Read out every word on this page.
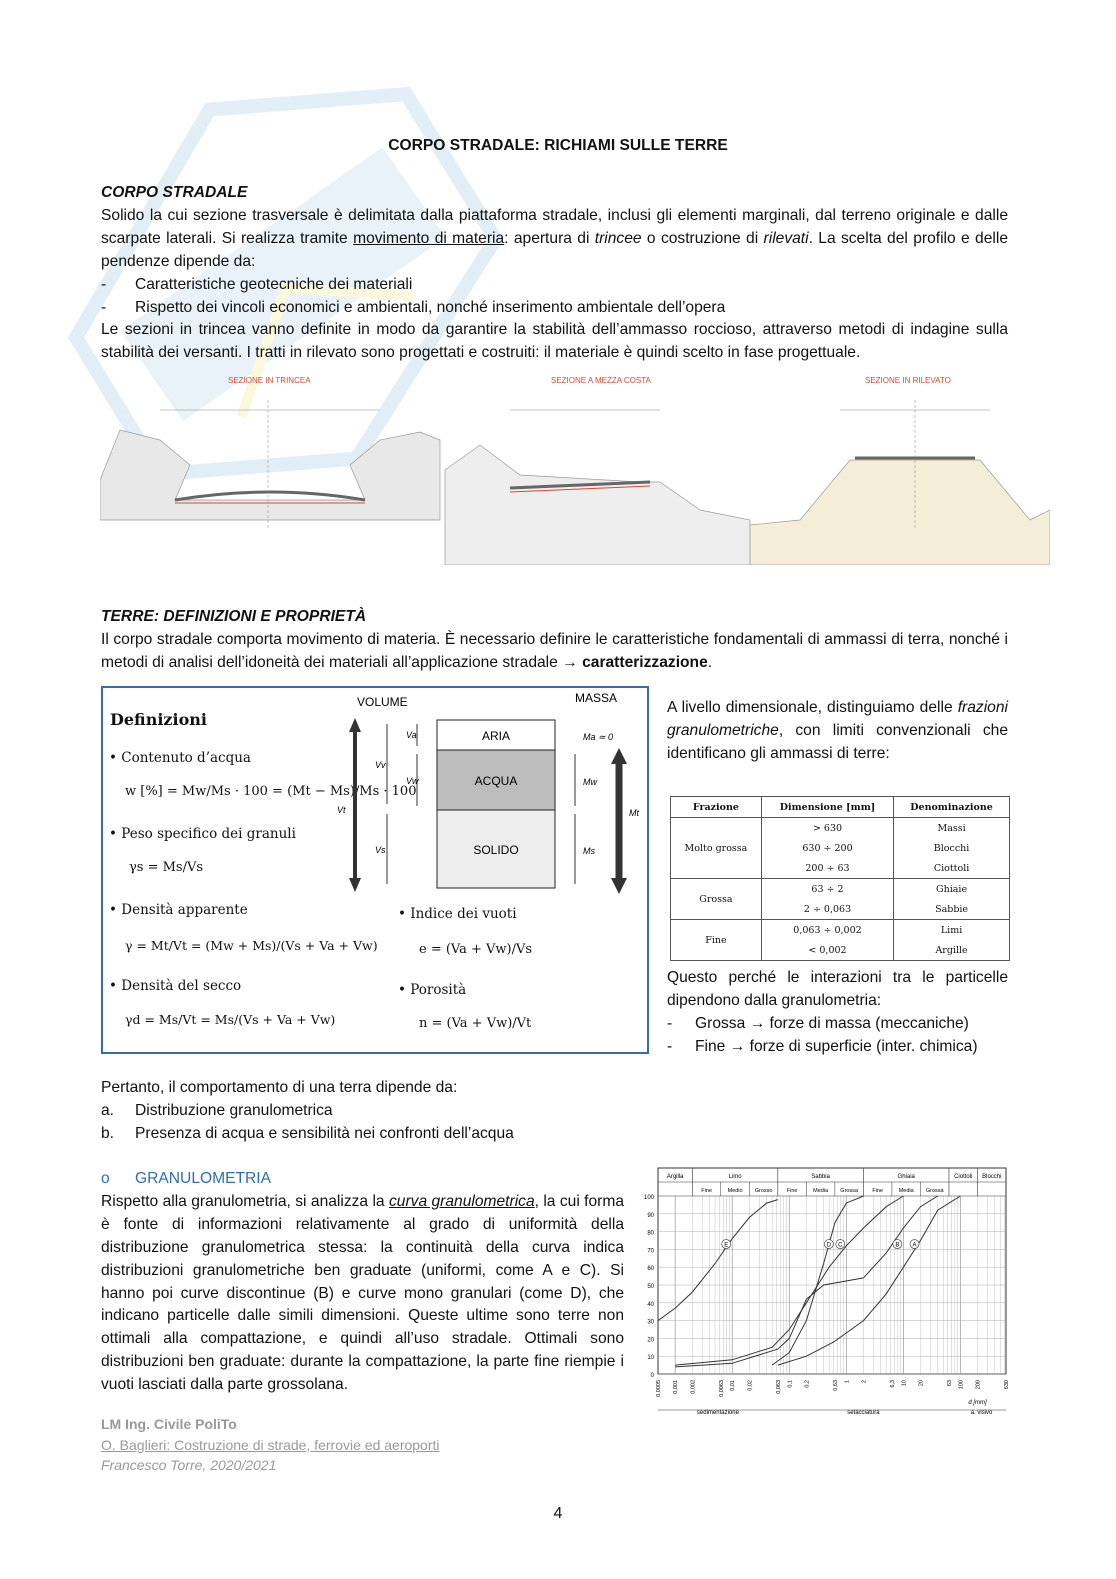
CORPO STRADALE: RICHIAMI SULLE TERRE
CORPO STRADALE
Solido la cui sezione trasversale è delimitata dalla piattaforma stradale, inclusi gli elementi marginali, dal terreno originale e dalle scarpate laterali. Si realizza tramite movimento di materia: apertura di trincee o costruzione di rilevati. La scelta del profilo e delle pendenze dipende da:
-	Caratteristiche geotecniche dei materiali
-	Rispetto dei vincoli economici e ambientali, nonché inserimento ambientale dell’opera
Le sezioni in trincea vanno definite in modo da garantire la stabilità dell’ammasso roccioso, attraverso metodi di indagine sulla stabilità dei versanti. I tratti in rilevato sono progettati e costruiti: il materiale è quindi scelto in fase progettuale.
SEZIONE IN TRINCEA	SEZIONE A MEZZA COSTA	SEZIONE IN RILEVATO
TERRE: DEFINIZIONI E PROPRIETÀ
Il corpo stradale comporta movimento di materia. È necessario definire le caratteristiche fondamentali di ammassi di terra, nonché i metodi di analisi dell’idoneità dei materiali all’applicazione stradale → caratterizzazione.
Definizioni
• Contenuto d’acqua
w [%] = Mw/Ms · 100 = (Mt − Ms)/Ms · 100
• Peso specifico dei granuli
γs = Ms/Vs
• Densità apparente
γ = Mt/Vt = (Mw + Ms)/(Vs + Va + Vw)
• Densità del secco
γd = Ms/Vt = Ms/(Vs + Va + Vw)
• Indice dei vuoti
e = (Va + Vw)/Vs
• Porosità
n = (Va + Vw)/Vt
VOLUME	MASSA
ARIA
ACQUA
SOLIDO
Va
Vw
Vv
Vs
Vt
Ma ≃ 0
Mw
Ms
Mt
A livello dimensionale, distinguiamo delle frazioni granulometriche, con limiti convenzionali che identificano gli ammassi di terre:
Frazione	Dimensione [mm]	Denominazione
Molto grossa	> 630	Massi
	630 ÷ 200	Blocchi
	200 ÷ 63	Ciottoli
Grossa	63 ÷ 2	Ghiaie
	2 ÷ 0,063	Sabbie
Fine	0,063 ÷ 0,002	Limi
	< 0,002	Argille
Questo perché le interazioni tra le particelle dipendono dalla granulometria:
-	Grossa → forze di massa (meccaniche)
-	Fine → forze di superficie (inter. chimica)
Pertanto, il comportamento di una terra dipende da:
a.	Distribuzione granulometrica
b.	Presenza di acqua e sensibilità nei confronti dell’acqua
o	GRANULOMETRIA
Rispetto alla granulometria, si analizza la curva granulometrica, la cui forma è fonte di informazioni relativamente al grado di uniformità della distribuzione granulometrica stessa: la continuità della curva indica distribuzioni granulometriche ben graduate (uniformi, come A e C). Si hanno poi curve discontinue (B) e curve mono granulari (come D), che indicano particelle dalle simili dimensioni. Queste ultime sono terre non ottimali alla compattazione, e quindi all’uso stradale. Ottimali sono distribuzioni ben graduate: durante la compattazione, la parte fine riempie i vuoti lasciati dalla parte grossolana.
0
10
20
30
40
50
60
70
80
90
100
0,0005 0,001 0,002	0,0063 0,01 0,02	0,063 0,1 0,2	0,63 1 2	6,3 10 20	63 100 200	630
Argilla	Limo	Sabbia	Ghiaia	Ciottoli Blocchi
Fine	Medio Grosso	Fine	Media Grossa	Fine	Media Grossa
E	D C	B A
sedimentazione	setacciatura	a. visivo
d [mm]
LM Ing. Civile PoliTo
O. Baglieri: Costruzione di strade, ferrovie ed aeroporti
Francesco Torre, 2020/2021
4
